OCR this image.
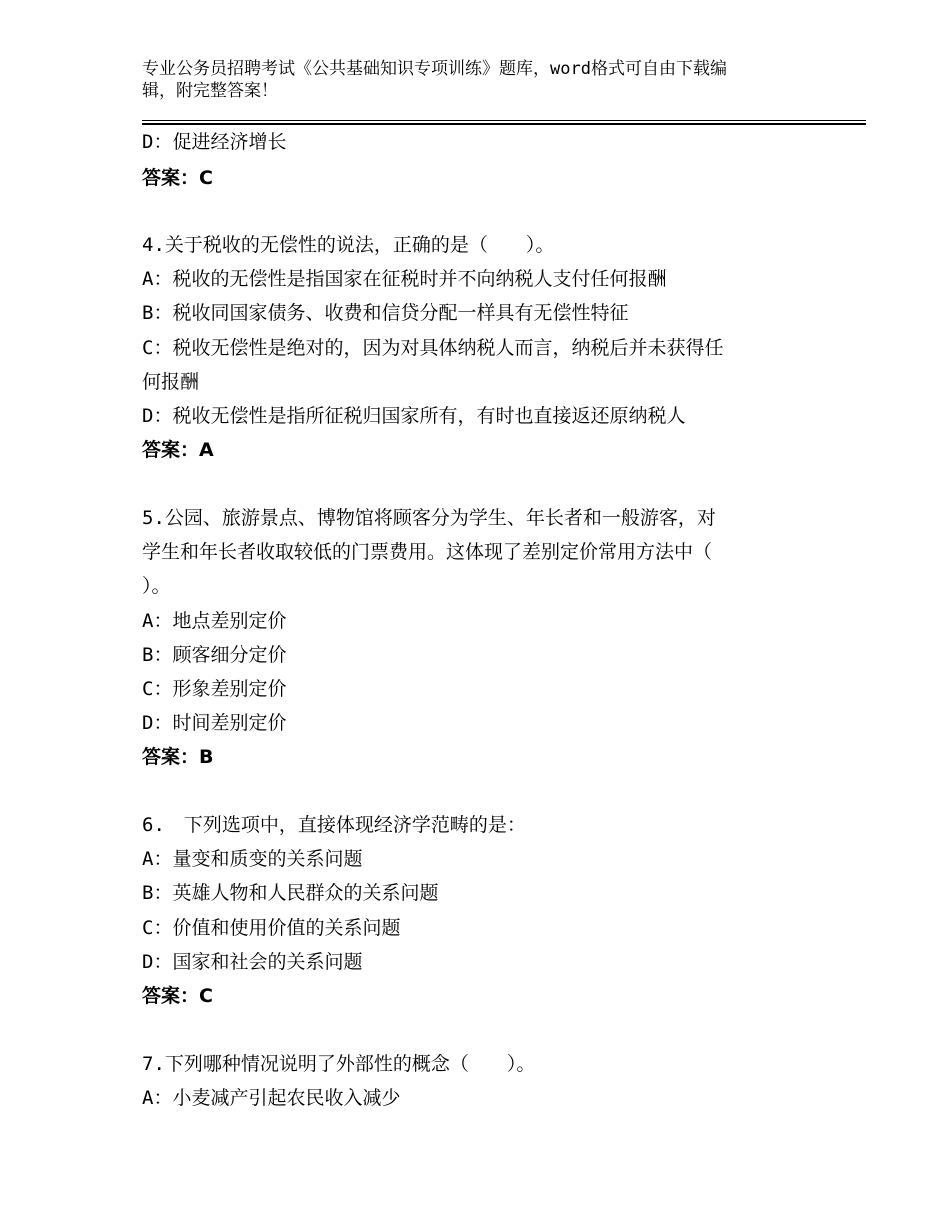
专业公务员招聘考试《公共基础知识专项训练》题库，word格式可自由下载编
辑，附完整答案！
D：促进经济增长
答案：C
4.关于税收的无偿性的说法，正确的是（　　）。
A：税收的无偿性是指国家在征税时并不向纳税人支付任何报酬
B：税收同国家债务、收费和信贷分配一样具有无偿性特征
C：税收无偿性是绝对的，因为对具体纳税人而言，纳税后并未获得任
何报酬
D：税收无偿性是指所征税归国家所有，有时也直接返还原纳税人
答案：A
5.公园、旅游景点、博物馆将顾客分为学生、年长者和一般游客，对
学生和年长者收取较低的门票费用。这体现了差别定价常用方法中（
）。
A：地点差别定价
B：顾客细分定价
C：形象差别定价
D：时间差别定价
答案：B
6.　下列选项中，直接体现经济学范畴的是：
A：量变和质变的关系问题
B：英雄人物和人民群众的关系问题
C：价值和使用价值的关系问题
D：国家和社会的关系问题
答案：C
7.下列哪种情况说明了外部性的概念（　　）。
A：小麦减产引起农民收入减少
